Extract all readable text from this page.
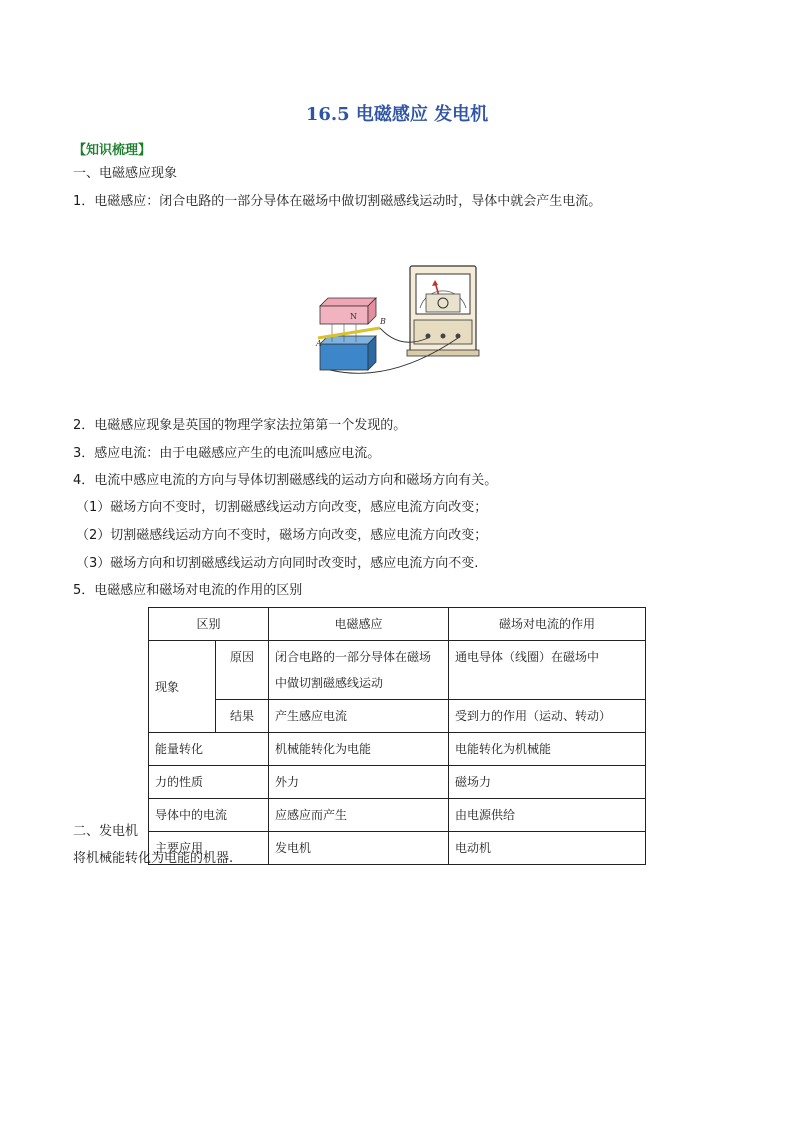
16.5 电磁感应 发电机

【知识梳理】

一、电磁感应现象

1．电磁感应：闭合电路的一部分导体在磁场中做切割磁感线运动时，导体中就会产生电流。

N
A
B

2．电磁感应现象是英国的物理学家法拉第第一个发现的。

3．感应电流：由于电磁感应产生的电流叫感应电流。

4．电流中感应电流的方向与导体切割磁感线的运动方向和磁场方向有关。

（1）磁场方向不变时，切割磁感线运动方向改变，感应电流方向改变；

（2）切割磁感线运动方向不变时，磁场方向改变，感应电流方向改变；

（3）磁场方向和切割磁感线运动方向同时改变时，感应电流方向不变.

5．电磁感应和磁场对电流的作用的区别

区别		电磁感应	磁场对电流的作用
现象	原因	闭合电路的一部分导体在磁场中做切割磁感线运动	通电导体（线圈）在磁场中
	结果	产生感应电流	受到力的作用（运动、转动）
能量转化		机械能转化为电能	电能转化为机械能
力的性质		外力	磁场力
导体中的电流		应感应而产生	由电源供给
主要应用		发电机	电动机

二、发电机

将机械能转化为电能的机器.
